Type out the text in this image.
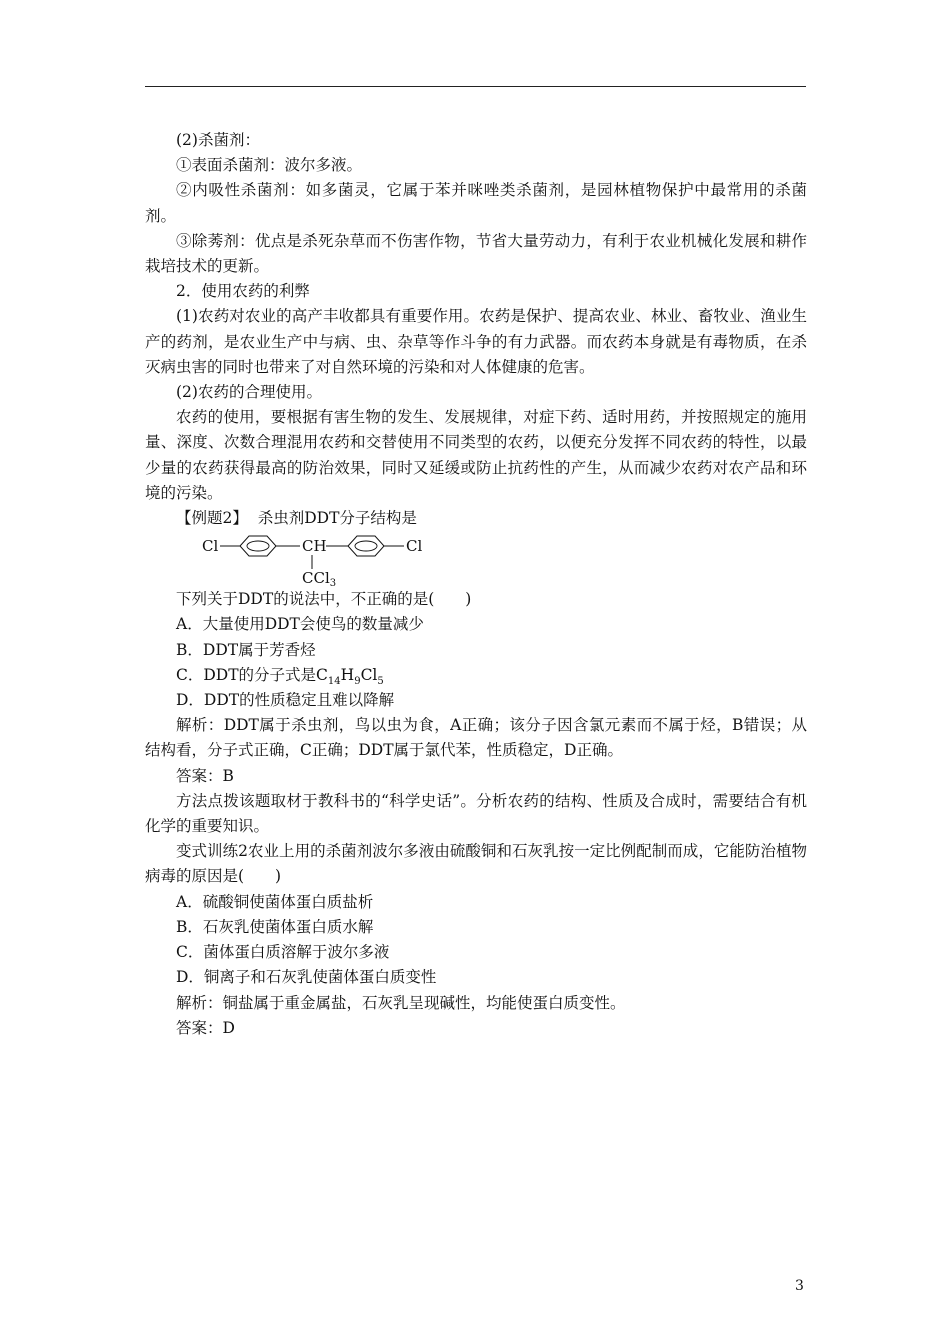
(2)杀菌剂：

①表面杀菌剂：波尔多液。

②内吸性杀菌剂：如多菌灵，它属于苯并咪唑类杀菌剂，是园林植物保护中最常用的杀菌剂。

③除莠剂：优点是杀死杂草而不伤害作物，节省大量劳动力，有利于农业机械化发展和耕作栽培技术的更新。

2．使用农药的利弊

(1)农药对农业的高产丰收都具有重要作用。农药是保护、提高农业、林业、畜牧业、渔业生产的药剂，是农业生产中与病、虫、杂草等作斗争的有力武器。而农药本身就是有毒物质，在杀灭病虫害的同时也带来了对自然环境的污染和对人体健康的危害。

(2)农药的合理使用。

农药的使用，要根据有害生物的发生、发展规律，对症下药、适时用药，并按照规定的施用量、深度、次数合理混用农药和交替使用不同类型的农药，以便充分发挥不同农药的特性，以最少量的农药获得最高的防治效果，同时又延缓或防止抗药性的产生，从而减少农药对农产品和环境的污染。

【例题2】 杀虫剂DDT分子结构是

Cl	CH	Cl
CCl$_3$

下列关于DDT的说法中，不正确的是(　　)

A．大量使用DDT会使鸟的数量减少

B．DDT属于芳香烃

C．DDT的分子式是$C_{14}H_9Cl_5$

D．DDT的性质稳定且难以降解

解析：DDT属于杀虫剂，鸟以虫为食，A正确；该分子因含氯元素而不属于烃，B错误；从结构看，分子式正确，C正确；DDT属于氯代苯，性质稳定，D正确。

答案：B

方法点拨该题取材于教科书的“科学史话”。分析农药的结构、性质及合成时，需要结合有机化学的重要知识。

变式训练2农业上用的杀菌剂波尔多液由硫酸铜和石灰乳按一定比例配制而成，它能防治植物病毒的原因是(　　)

A．硫酸铜使菌体蛋白质盐析

B．石灰乳使菌体蛋白质水解

C．菌体蛋白质溶解于波尔多液

D．铜离子和石灰乳使菌体蛋白质变性

解析：铜盐属于重金属盐，石灰乳呈现碱性，均能使蛋白质变性。

答案：D

3
